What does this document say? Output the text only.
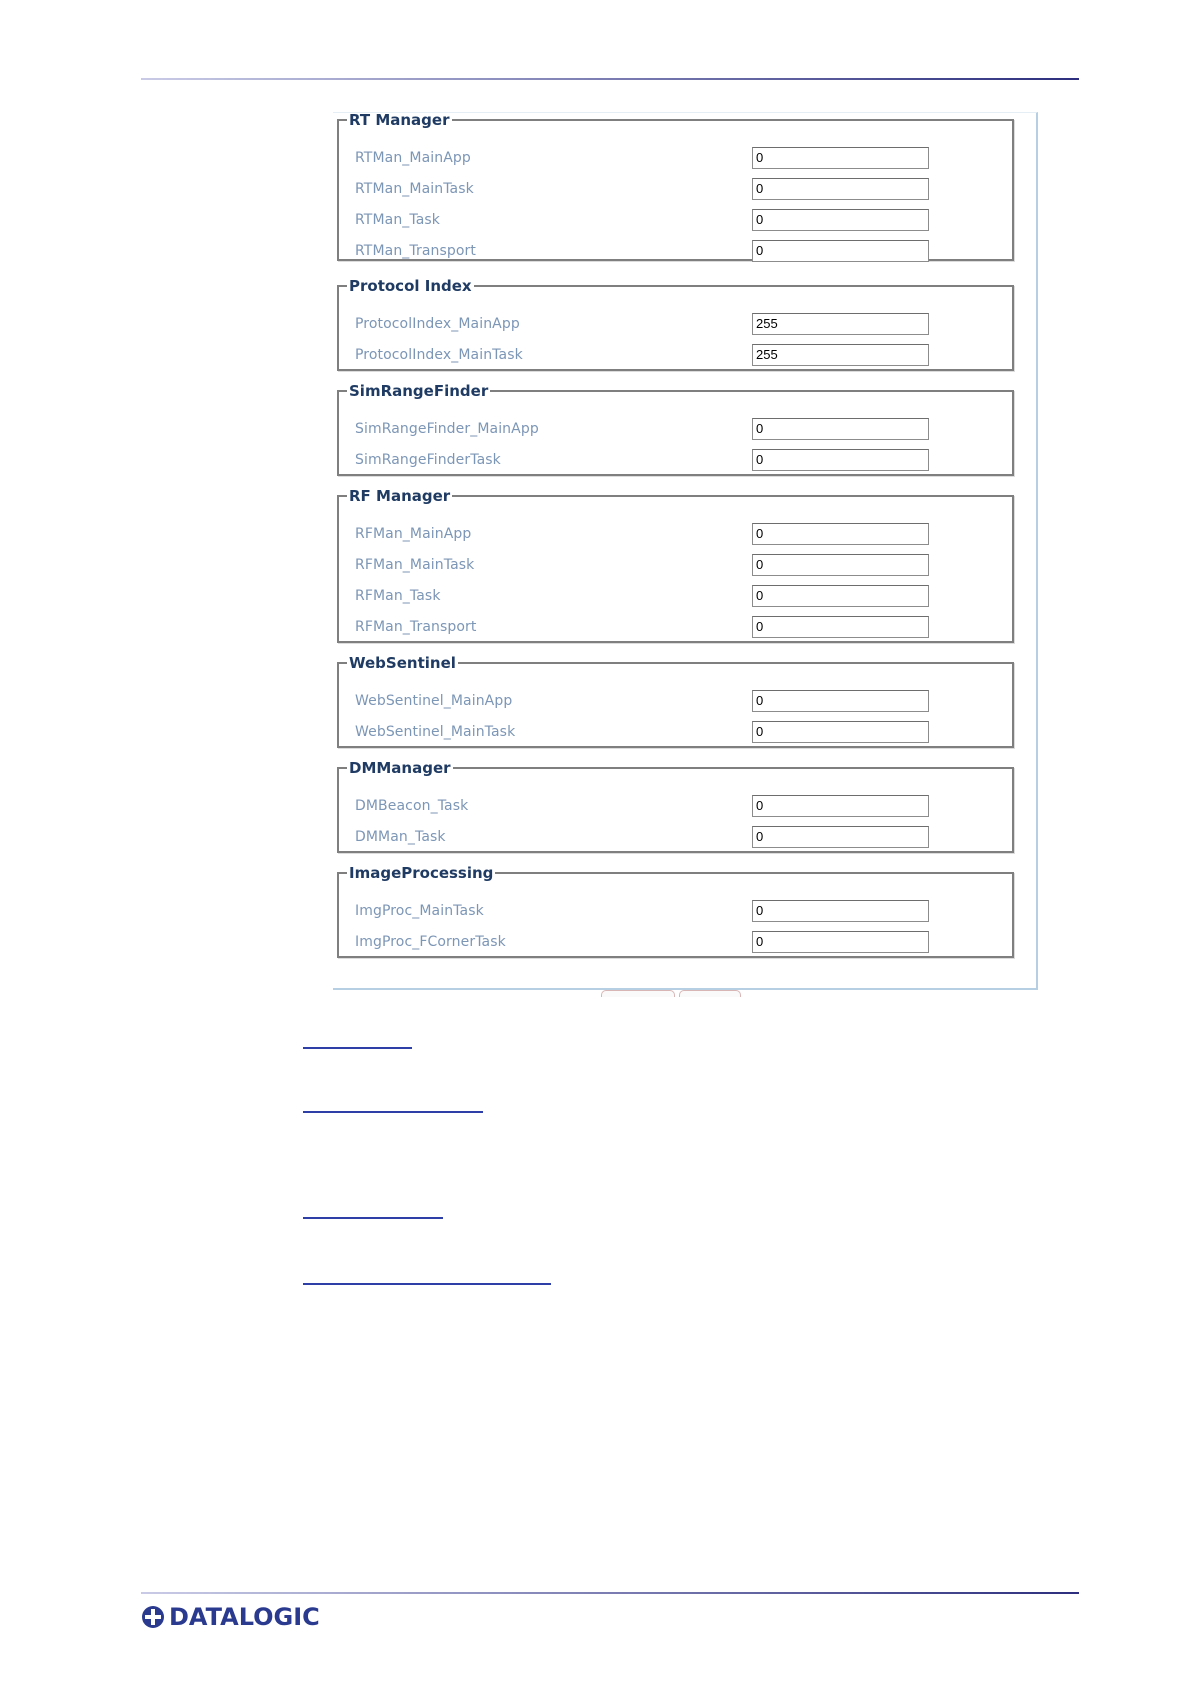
RT Manager
RTMan_MainApp	0
RTMan_MainTask	0
RTMan_Task	0
RTMan_Transport	0
Protocol Index
ProtocolIndex_MainApp	255
ProtocolIndex_MainTask	255
SimRangeFinder
SimRangeFinder_MainApp	0
SimRangeFinderTask	0
RF Manager
RFMan_MainApp	0
RFMan_MainTask	0
RFMan_Task	0
RFMan_Transport	0
WebSentinel
WebSentinel_MainApp	0
WebSentinel_MainTask	0
DMManager
DMBeacon_Task	0
DMMan_Task	0
ImageProcessing
ImgProc_MainTask	0
ImgProc_FCornerTask	0
DATALOGIC
